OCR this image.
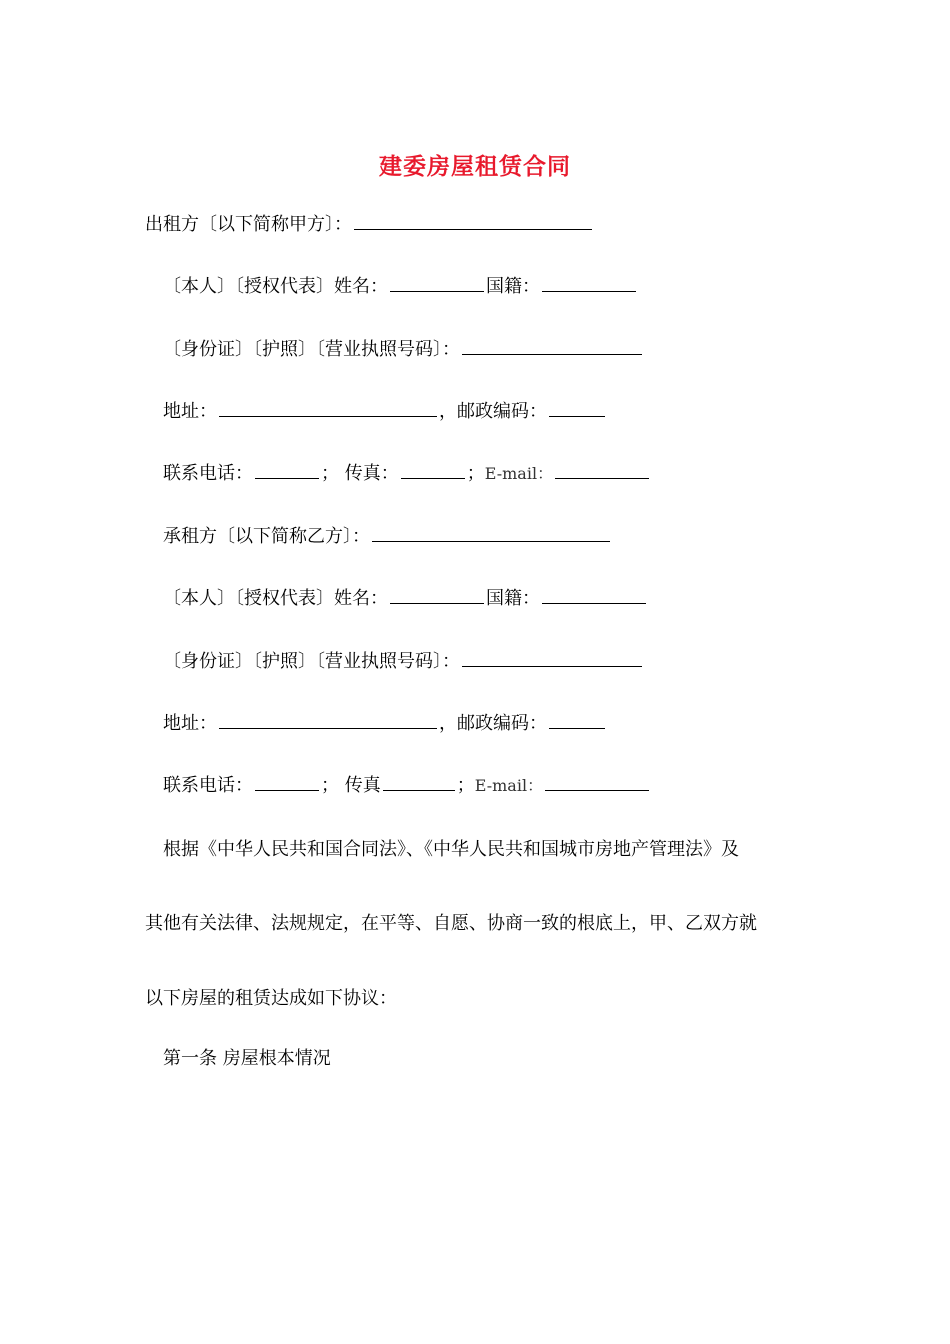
建委房屋租赁合同
出租方〔以下简称甲方〕：
〔本人〕〔授权代表〕姓名：	国籍：
〔身份证〕〔护照〕〔营业执照号码〕：
地址：	，邮政编码：
联系电话：	； 传真：	；E-mail：
承租方〔以下简称乙方〕：
〔本人〕〔授权代表〕姓名：	国籍：
〔身份证〕〔护照〕〔营业执照号码〕：
地址：	，邮政编码：
联系电话：	； 传真	；E-mail：
根据《中华人民共和国合同法》、《中华人民共和国城市房地产管理法》及
其他有关法律、法规规定，在平等、自愿、协商一致的根底上，甲、乙双方就
以下房屋的租赁达成如下协议：
第一条 房屋根本情况
